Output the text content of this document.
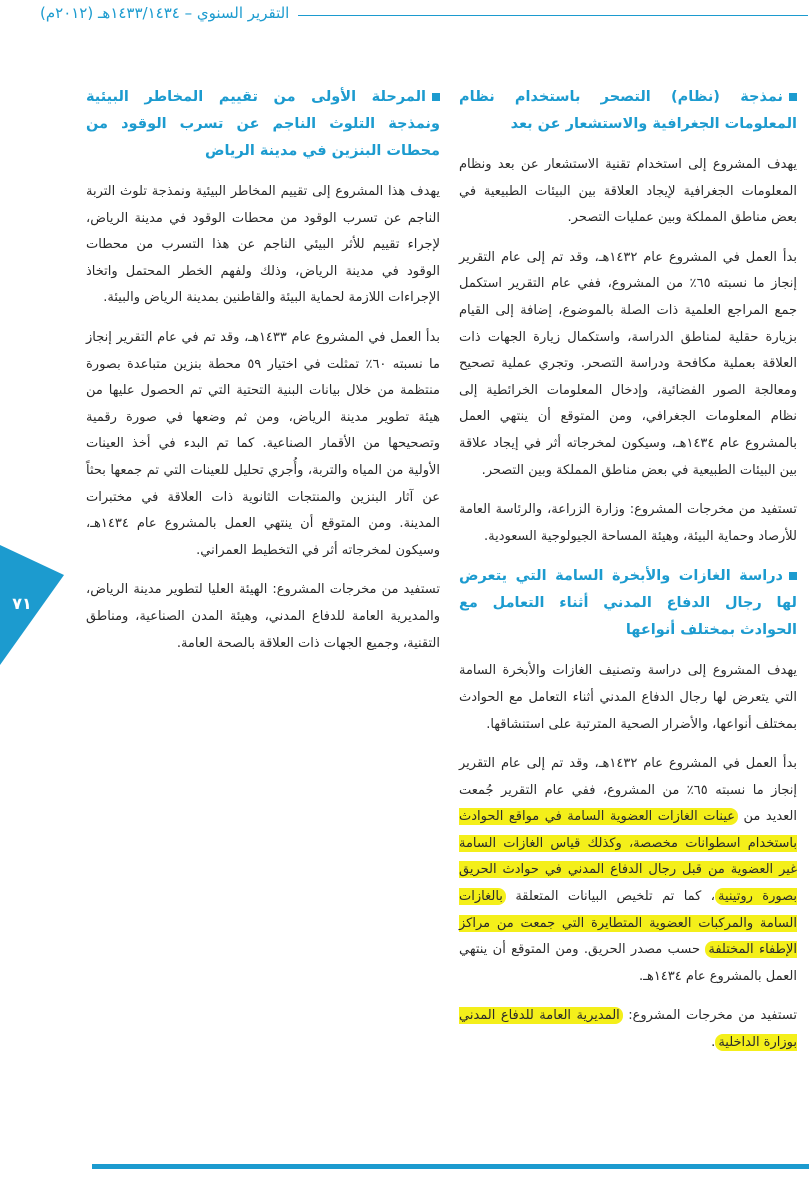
التقرير السنوي – ١٤٣٣/١٤٣٤هـ (٢٠١٢م)
٧١
نمذجة (نظام) التصحر باستخدام نظام المعلومات الجغرافية والاستشعار عن بعد

يهدف المشروع إلى استخدام تقنية الاستشعار عن بعد ونظام المعلومات الجغرافية لإيجاد العلاقة بين البيئات الطبيعية في بعض مناطق المملكة وبين عمليات التصحر.

بدأ العمل في المشروع عام ١٤٣٢هـ، وقد تم إلى عام التقرير إنجاز ما نسبته ٦٥٪ من المشروع، ففي عام التقرير استكمل جمع المراجع العلمية ذات الصلة بالموضوع، إضافة إلى القيام بزيارة حقلية لمناطق الدراسة، واستكمال زيارة الجهات ذات العلاقة بعملية مكافحة ودراسة التصحر. وتجري عملية تصحيح ومعالجة الصور الفضائية، وإدخال المعلومات الخرائطية إلى نظام المعلومات الجغرافي، ومن المتوقع أن ينتهي العمل بالمشروع عام ١٤٣٤هـ، وسيكون لمخرجاته أثر في إيجاد علاقة بين البيئات الطبيعية في بعض مناطق المملكة وبين التصحر.

تستفيد من مخرجات المشروع: وزارة الزراعة، والرئاسة العامة للأرصاد وحماية البيئة، وهيئة المساحة الجيولوجية السعودية.

دراسة الغازات والأبخرة السامة التي يتعرض لها رجال الدفاع المدني أثناء التعامل مع الحوادث بمختلف أنواعها

يهدف المشروع إلى دراسة وتصنيف الغازات والأبخرة السامة التي يتعرض لها رجال الدفاع المدني أثناء التعامل مع الحوادث بمختلف أنواعها، والأضرار الصحية المترتبة على استنشاقها.

بدأ العمل في المشروع عام ١٤٣٢هـ، وقد تم إلى عام التقرير إنجاز ما نسبته ٦٥٪ من المشروع، ففي عام التقرير جُمعت العديد من عينات الغازات العضوية السامة في مواقع الحوادث باستخدام اسطوانات مخصصة، وكذلك قياس الغازات السامة غير العضوية من قبل رجال الدفاع المدني في حوادث الحريق بصورة روتينية، كما تم تلخيص البيانات المتعلقة بالغازات السامة والمركبات العضوية المتطايرة التي جمعت من مراكز الإطفاء المختلفة حسب مصدر الحريق. ومن المتوقع أن ينتهي العمل بالمشروع عام ١٤٣٤هـ.

تستفيد من مخرجات المشروع: المديرية العامة للدفاع المدني بوزارة الداخلية.

المرحلة الأولى من تقييم المخاطر البيئية ونمذجة التلوث الناجم عن تسرب الوقود من محطات البنزين في مدينة الرياض

يهدف هذا المشروع إلى تقييم المخاطر البيئية ونمذجة تلوث التربة الناجم عن تسرب الوقود من محطات الوقود في مدينة الرياض، لإجراء تقييم للأثر البيئي الناجم عن هذا التسرب من محطات الوقود في مدينة الرياض، وذلك ولفهم الخطر المحتمل واتخاذ الإجراءات اللازمة لحماية البيئة والقاطنين بمدينة الرياض والبيئة.

بدأ العمل في المشروع عام ١٤٣٣هـ، وقد تم في عام التقرير إنجاز ما نسبته ٦٠٪ تمثلت في اختيار ٥٩ محطة بنزين متباعدة بصورة منتظمة من خلال بيانات البنية التحتية التي تم الحصول عليها من هيئة تطوير مدينة الرياض، ومن ثم وضعها في صورة رقمية وتصحيحها من الأقمار الصناعية. كما تم البدء في أخذ العينات الأولية من المياه والتربة، وأُجري تحليل للعينات التي تم جمعها بحثاً عن آثار البنزين والمنتجات الثانوية ذات العلاقة في مختبرات المدينة. ومن المتوقع أن ينتهي العمل بالمشروع عام ١٤٣٤هـ، وسيكون لمخرجاته أثر في التخطيط العمراني.

تستفيد من مخرجات المشروع: الهيئة العليا لتطوير مدينة الرياض، والمديرية العامة للدفاع المدني، وهيئة المدن الصناعية، ومناطق التقنية، وجميع الجهات ذات العلاقة بالصحة العامة.
